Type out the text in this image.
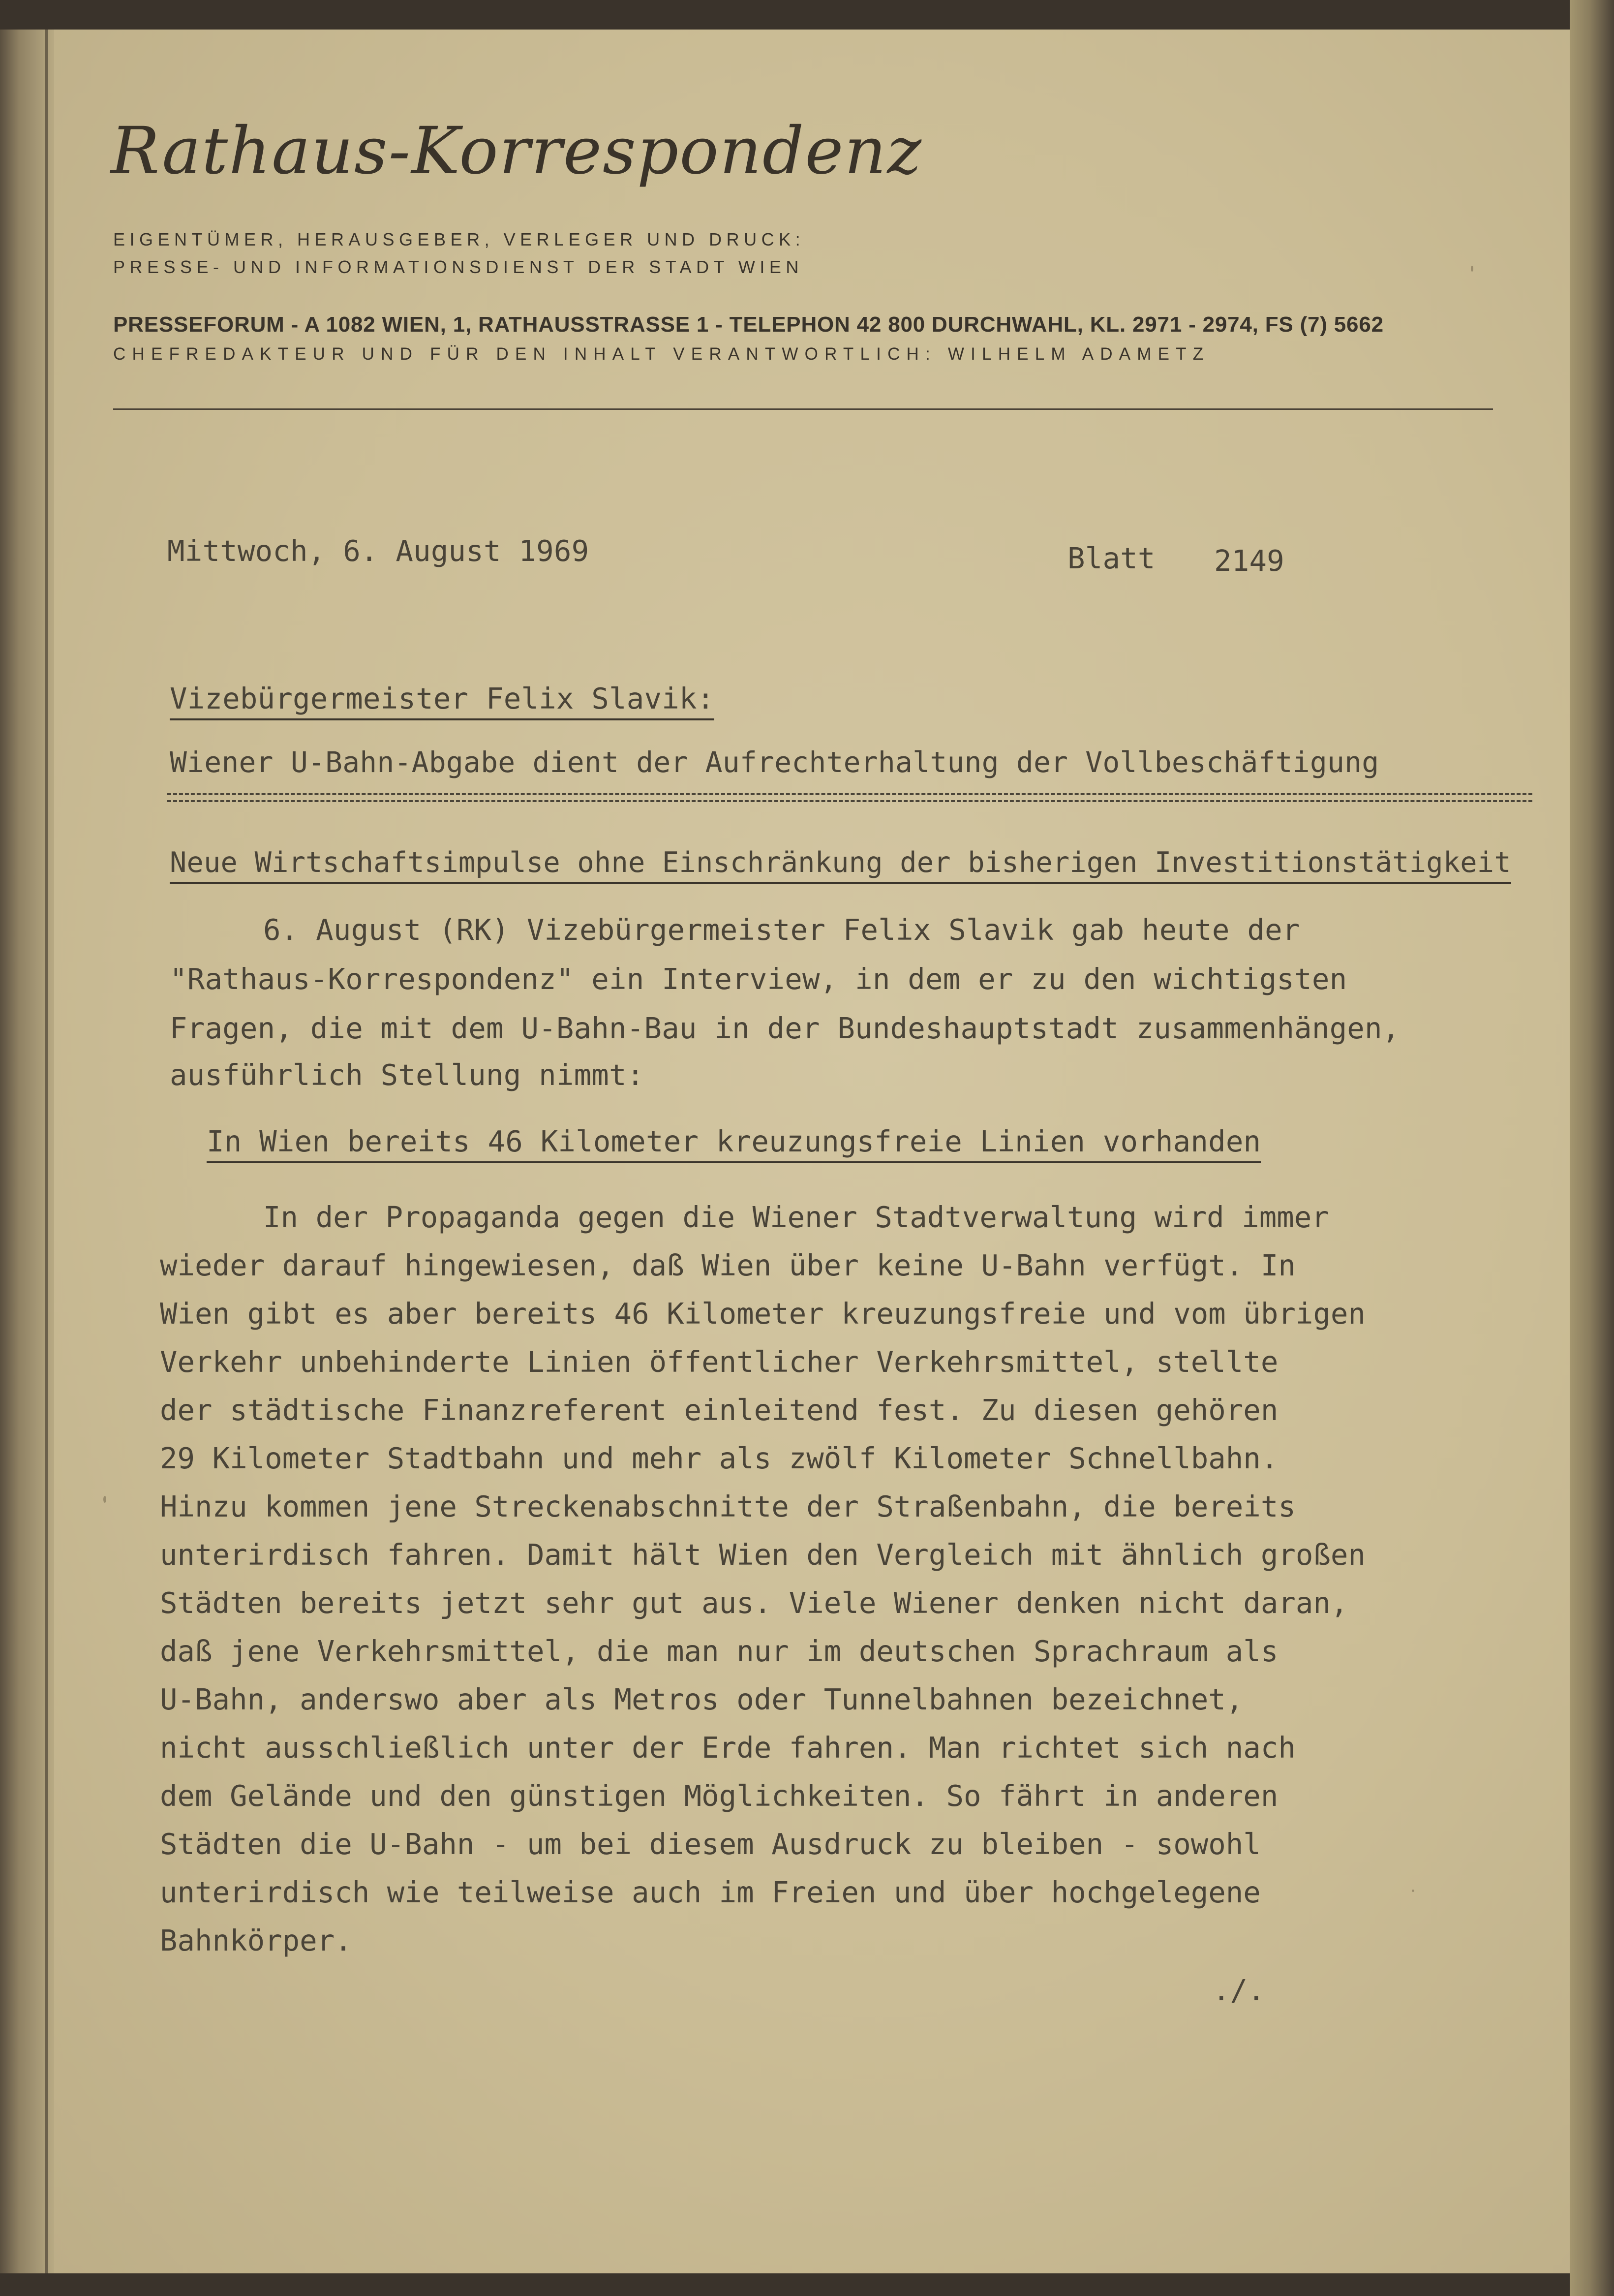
Rathaus-Korrespondenz
EIGENTÜMER, HERAUSGEBER, VERLEGER UND DRUCK:
PRESSE- UND INFORMATIONSDIENST DER STADT WIEN
PRESSEFORUM - A 1082 WIEN, 1, RATHAUSSTRASSE 1 - TELEPHON 42 800 DURCHWAHL, KL. 2971 - 2974, FS (7) 5662
CHEFREDAKTEUR UND FÜR DEN INHALT VERANTWORTLICH: WILHELM ADAMETZ
Mittwoch, 6. August 1969	Blatt 2149
Vizebürgermeister Felix Slavik:
Wiener U-Bahn-Abgabe dient der Aufrechterhaltung der Vollbeschäftigung
Neue Wirtschaftsimpulse ohne Einschränkung der bisherigen Investitionstätigkeit
6. August (RK) Vizebürgermeister Felix Slavik gab heute der
"Rathaus-Korrespondenz" ein Interview, in dem er zu den wichtigsten
Fragen, die mit dem U-Bahn-Bau in der Bundeshauptstadt zusammenhängen,
ausführlich Stellung nimmt:
In Wien bereits 46 Kilometer kreuzungsfreie Linien vorhanden
In der Propaganda gegen die Wiener Stadtverwaltung wird immer
wieder darauf hingewiesen, daß Wien über keine U-Bahn verfügt. In
Wien gibt es aber bereits 46 Kilometer kreuzungsfreie und vom übrigen
Verkehr unbehinderte Linien öffentlicher Verkehrsmittel, stellte
der städtische Finanzreferent einleitend fest. Zu diesen gehören
29 Kilometer Stadtbahn und mehr als zwölf Kilometer Schnellbahn.
Hinzu kommen jene Streckenabschnitte der Straßenbahn, die bereits
unterirdisch fahren. Damit hält Wien den Vergleich mit ähnlich großen
Städten bereits jetzt sehr gut aus. Viele Wiener denken nicht daran,
daß jene Verkehrsmittel, die man nur im deutschen Sprachraum als
U-Bahn, anderswo aber als Metros oder Tunnelbahnen bezeichnet,
nicht ausschließlich unter der Erde fahren. Man richtet sich nach
dem Gelände und den günstigen Möglichkeiten. So fährt in anderen
Städten die U-Bahn - um bei diesem Ausdruck zu bleiben - sowohl
unterirdisch wie teilweise auch im Freien und über hochgelegene
Bahnkörper.
./.
